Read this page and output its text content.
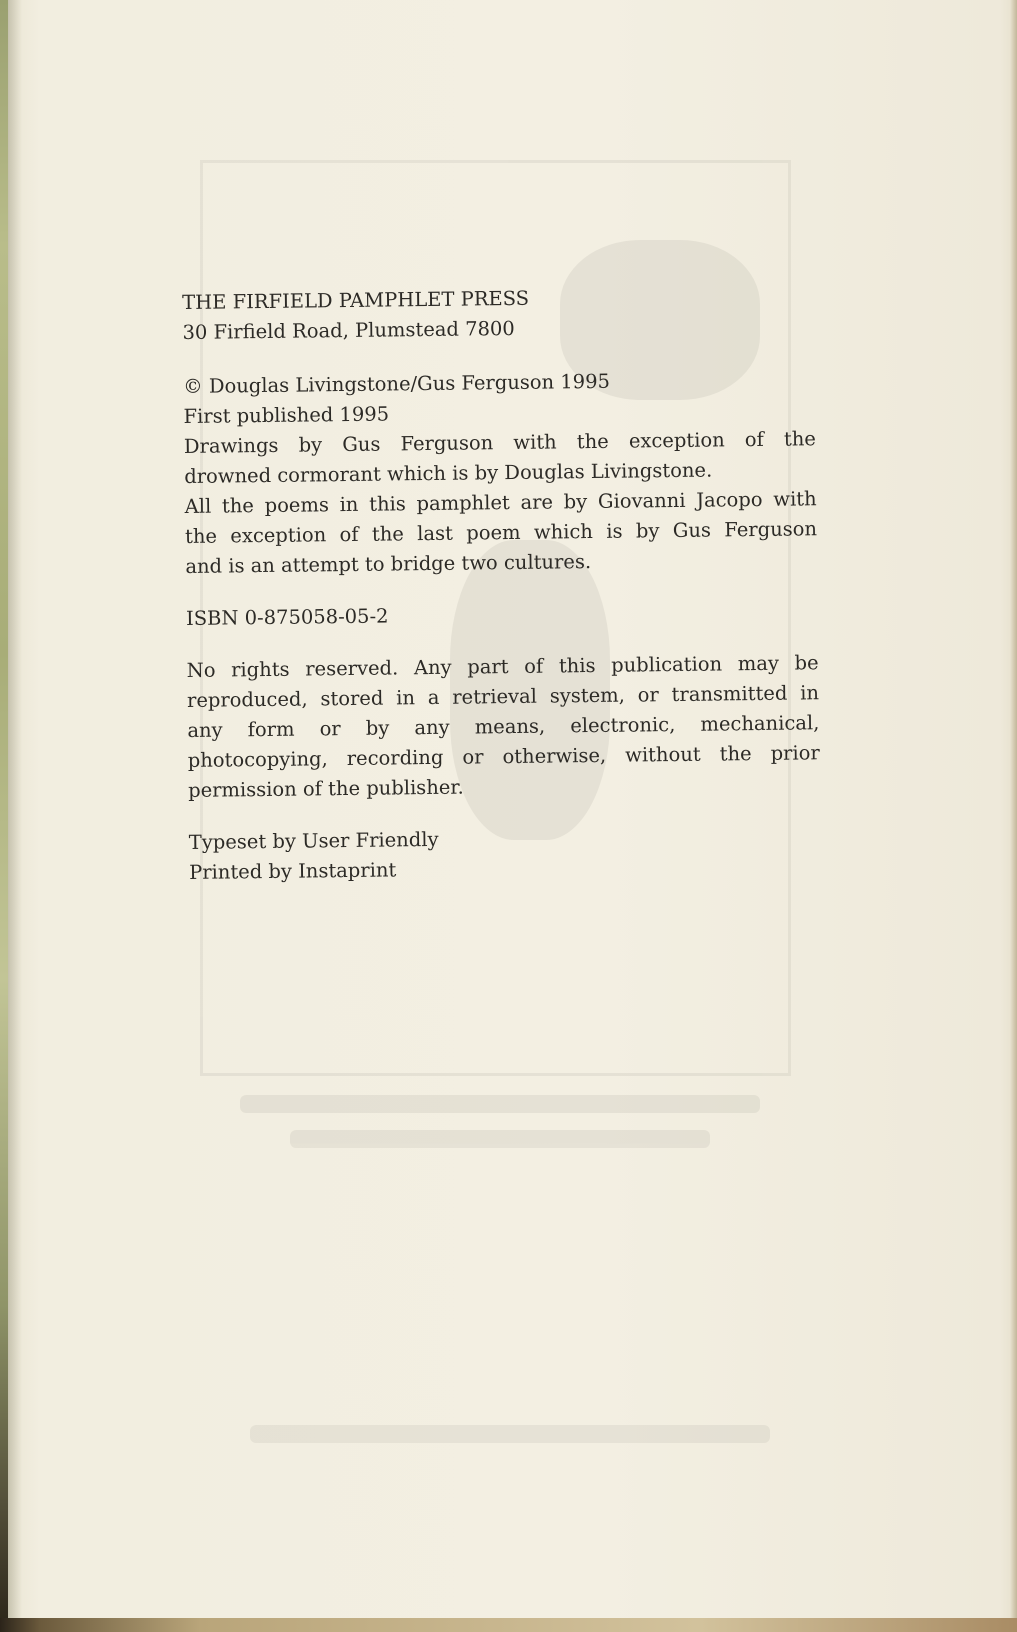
THE FIRFIELD PAMPHLET PRESS
30 Firfield Road, Plumstead 7800
© Douglas Livingstone/Gus Ferguson 1995
First published 1995
Drawings by Gus Ferguson with the exception of the
drowned cormorant which is by Douglas Livingstone.
All the poems in this pamphlet are by Giovanni Jacopo with
the exception of the last poem which is by Gus Ferguson
and is an attempt to bridge two cultures.
ISBN 0-875058-05-2
No rights reserved. Any part of this publication may be
reproduced, stored in a retrieval system, or transmitted in
any form or by any means, electronic, mechanical,
photocopying, recording or otherwise, without the prior
permission of the publisher.
Typeset by User Friendly
Printed by Instaprint
